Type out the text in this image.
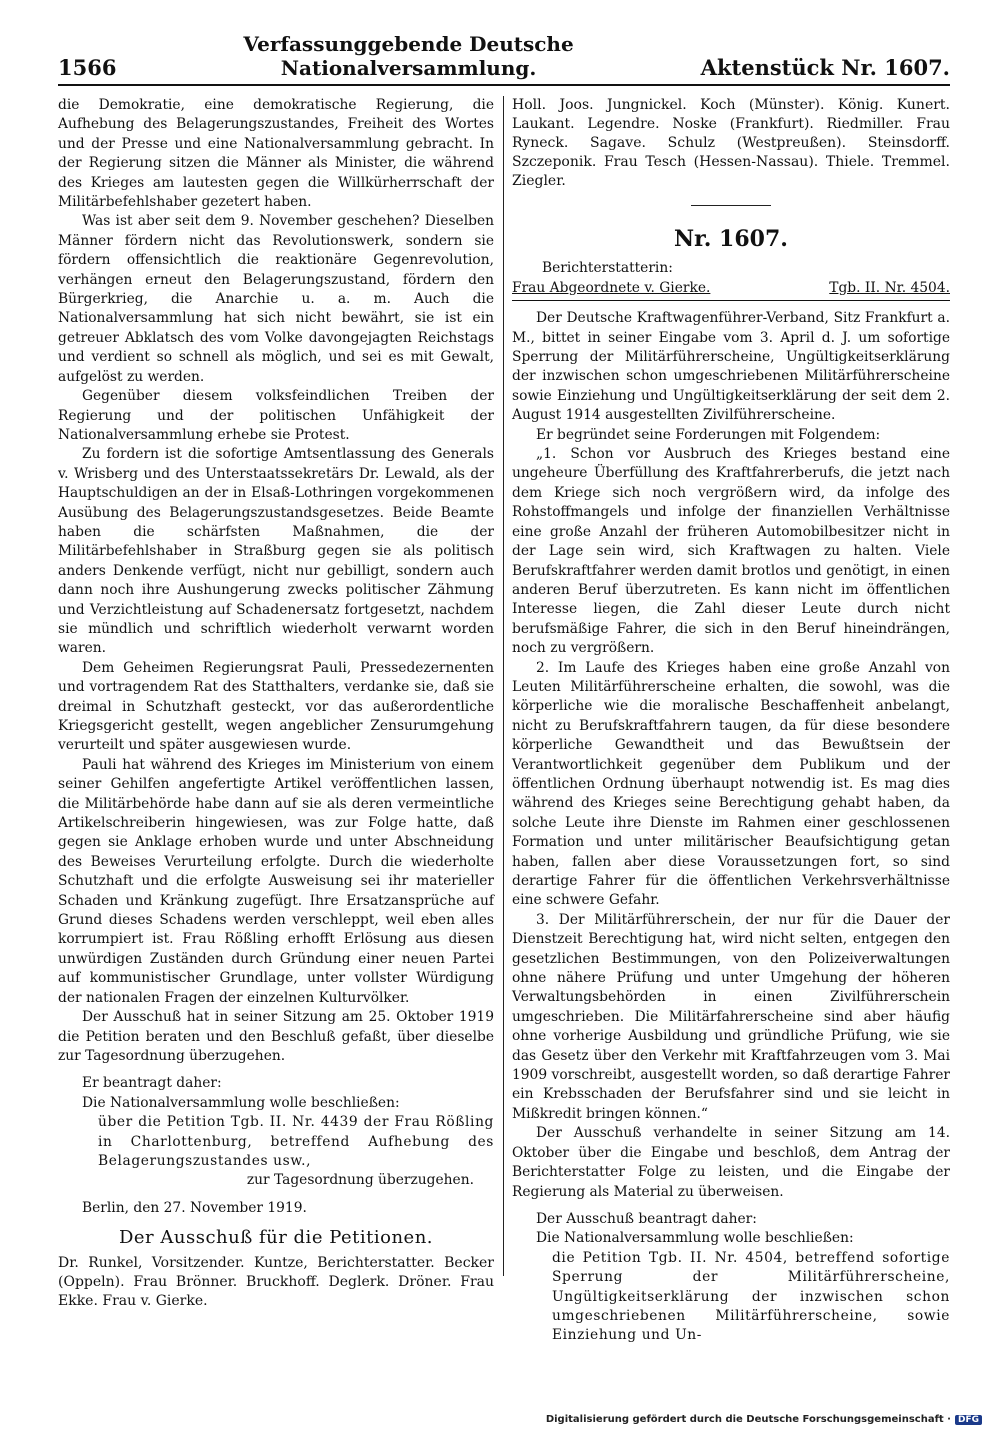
1566
Verfassunggebende Deutsche Nationalversammlung.	Aktenstück Nr. 1607.

die Demokratie, eine demokratische Regierung, die Aufhebung des Belagerungszustandes, Freiheit des Wortes und der Presse und eine Nationalversammlung gebracht. In der Regierung sitzen die Männer als Minister, die während des Krieges am lautesten gegen die Willkürherrschaft der Militärbefehlshaber gezetert haben.

Was ist aber seit dem 9. November geschehen? Dieselben Männer fördern nicht das Revolutionswerk, sondern sie fördern offensichtlich die reaktionäre Gegenrevolution, verhängen erneut den Belagerungszustand, fördern den Bürgerkrieg, die Anarchie u. a. m. Auch die Nationalversammlung hat sich nicht bewährt, sie ist ein getreuer Abklatsch des vom Volke davongejagten Reichstags und verdient so schnell als möglich, und sei es mit Gewalt, aufgelöst zu werden.

Gegenüber diesem volksfeindlichen Treiben der Regierung und der politischen Unfähigkeit der Nationalversammlung erhebe sie Protest.

Zu fordern ist die sofortige Amtsentlassung des Generals v. Wrisberg und des Unterstaatssekretärs Dr. Lewald, als der Hauptschuldigen an der in Elsaß-Lothringen vorgekommenen Ausübung des Belagerungszustandsgesetzes. Beide Beamte haben die schärfsten Maßnahmen, die der Militärbefehlshaber in Straßburg gegen sie als politisch anders Denkende verfügt, nicht nur gebilligt, sondern auch dann noch ihre Aushungerung zwecks politischer Zähmung und Verzichtleistung auf Schadenersatz fortgesetzt, nachdem sie mündlich und schriftlich wiederholt verwarnt worden waren.

Dem Geheimen Regierungsrat Pauli, Pressedezernenten und vortragendem Rat des Statthalters, verdanke sie, daß sie dreimal in Schutzhaft gesteckt, vor das außerordentliche Kriegsgericht gestellt, wegen angeblicher Zensurumgehung verurteilt und später ausgewiesen wurde.

Pauli hat während des Krieges im Ministerium von einem seiner Gehilfen angefertigte Artikel veröffentlichen lassen, die Militärbehörde habe dann auf sie als deren vermeintliche Artikelschreiberin hingewiesen, was zur Folge hatte, daß gegen sie Anklage erhoben wurde und unter Abschneidung des Beweises Verurteilung erfolgte. Durch die wiederholte Schutzhaft und die erfolgte Ausweisung sei ihr materieller Schaden und Kränkung zugefügt. Ihre Ersatzansprüche auf Grund dieses Schadens werden verschleppt, weil eben alles korrumpiert ist. Frau Rößling erhofft Erlösung aus diesen unwürdigen Zuständen durch Gründung einer neuen Partei auf kommunistischer Grundlage, unter vollster Würdigung der nationalen Fragen der einzelnen Kulturvölker.

Der Ausschuß hat in seiner Sitzung am 25. Oktober 1919 die Petition beraten und den Beschluß gefaßt, über dieselbe zur Tagesordnung überzugehen.

Er beantragt daher:

Die Nationalversammlung wolle beschließen:

über die Petition Tgb. II. Nr. 4439 der Frau Rößling in Charlottenburg, betreffend Aufhebung des Belagerungszustandes usw.,

zur Tagesordnung überzugehen.

Berlin, den 27. November 1919.

Der Ausschuß für die Petitionen.

Dr. Runkel, Vorsitzender. Kuntze, Berichterstatter. Becker (Oppeln). Frau Brönner. Bruckhoff. Deglerk. Dröner. Frau Ekke. Frau v. Gierke.

Holl. Joos. Jungnickel. Koch (Münster). König. Kunert. Laukant. Legendre. Noske (Frankfurt). Riedmiller. Frau Ryneck. Sagave. Schulz (Westpreußen). Steinsdorff. Szczeponik. Frau Tesch (Hessen-Nassau). Thiele. Tremmel. Ziegler.

Nr. 1607.

Berichterstatterin:

Frau Abgeordnete v. Gierke.	Tgb. II. Nr. 4504.

Der Deutsche Kraftwagenführer-Verband, Sitz Frankfurt a. M., bittet in seiner Eingabe vom 3. April d. J. um sofortige Sperrung der Militärführerscheine, Ungültigkeitserklärung der inzwischen schon umgeschriebenen Militärführerscheine sowie Einziehung und Ungültigkeitserklärung der seit dem 2. August 1914 ausgestellten Zivilführerscheine.

Er begründet seine Forderungen mit Folgendem:

„1. Schon vor Ausbruch des Krieges bestand eine ungeheure Überfüllung des Kraftfahrerberufs, die jetzt nach dem Kriege sich noch vergrößern wird, da infolge des Rohstoffmangels und infolge der finanziellen Verhältnisse eine große Anzahl der früheren Automobilbesitzer nicht in der Lage sein wird, sich Kraftwagen zu halten. Viele Berufskraftfahrer werden damit brotlos und genötigt, in einen anderen Beruf überzutreten. Es kann nicht im öffentlichen Interesse liegen, die Zahl dieser Leute durch nicht berufsmäßige Fahrer, die sich in den Beruf hineindrängen, noch zu vergrößern.

2. Im Laufe des Krieges haben eine große Anzahl von Leuten Militärführerscheine erhalten, die sowohl, was die körperliche wie die moralische Beschaffenheit anbelangt, nicht zu Berufskraftfahrern taugen, da für diese besondere körperliche Gewandtheit und das Bewußtsein der Verantwortlichkeit gegenüber dem Publikum und der öffentlichen Ordnung überhaupt notwendig ist. Es mag dies während des Krieges seine Berechtigung gehabt haben, da solche Leute ihre Dienste im Rahmen einer geschlossenen Formation und unter militärischer Beaufsichtigung getan haben, fallen aber diese Voraussetzungen fort, so sind derartige Fahrer für die öffentlichen Verkehrsverhältnisse eine schwere Gefahr.

3. Der Militärführerschein, der nur für die Dauer der Dienstzeit Berechtigung hat, wird nicht selten, entgegen den gesetzlichen Bestimmungen, von den Polizeiverwaltungen ohne nähere Prüfung und unter Umgehung der höheren Verwaltungsbehörden in einen Zivilführerschein umgeschrieben. Die Militärfahrerscheine sind aber häufig ohne vorherige Ausbildung und gründliche Prüfung, wie sie das Gesetz über den Verkehr mit Kraftfahrzeugen vom 3. Mai 1909 vorschreibt, ausgestellt worden, so daß derartige Fahrer ein Krebsschaden der Berufsfahrer sind und sie leicht in Mißkredit bringen können.“

Der Ausschuß verhandelte in seiner Sitzung am 14. Oktober über die Eingabe und beschloß, dem Antrag der Berichterstatter Folge zu leisten, und die Eingabe der Regierung als Material zu überweisen.

Der Ausschuß beantragt daher:

Die Nationalversammlung wolle beschließen:

die Petition Tgb. II. Nr. 4504, betreffend sofortige Sperrung der Militärführerscheine, Ungültigkeitserklärung der inzwischen schon umgeschriebenen Militärführerscheine, sowie Einziehung und Un-

Digitalisierung gefördert durch die Deutsche Forschungsgemeinschaft · DFG
